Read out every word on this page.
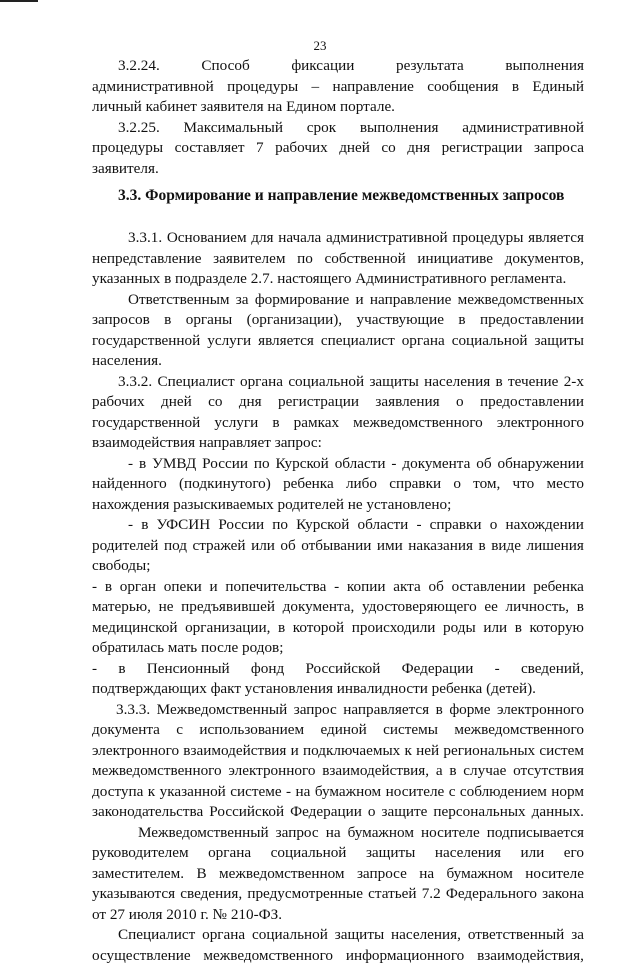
23
3.2.24.	Способ	фиксации	результата	выполнения
административной процедуры – направление сообщения в Единый
личный кабинет заявителя на Едином портале.
3.2.25. Максимальный срок выполнения административной
процедуры составляет 7 рабочих дней со дня регистрации запроса
заявителя.
3.3. Формирование и направление межведомственных запросов
3.3.1. Основанием для начала административной процедуры является
непредставление заявителем по собственной инициативе документов,
указанных в подразделе 2.7. настоящего Административного регламента.
Ответственным за формирование и направление межведомственных
запросов в органы (организации), участвующие в предоставлении
государственной услуги является специалист органа социальной защиты
населения.
3.3.2. Специалист органа социальной защиты населения в течение 2-х
рабочих дней со дня регистрации заявления о предоставлении
государственной услуги в рамках межведомственного электронного
взаимодействия направляет запрос:
- в УМВД России по Курской области - документа об обнаружении
найденного (подкинутого) ребенка либо справки о том, что место
нахождения разыскиваемых родителей не установлено;
- в УФСИН России по Курской области - справки о нахождении
родителей под стражей или об отбывании ими наказания в виде лишения
свободы;
- в орган опеки и попечительства - копии акта об оставлении ребенка
матерью, не предъявившей документа, удостоверяющего ее личность, в
медицинской организации, в которой происходили роды или в которую
обратилась мать после родов;
- в Пенсионный фонд Российской Федерации - сведений,
подтверждающих факт установления инвалидности ребенка (детей).
3.3.3. Межведомственный запрос направляется в форме электронного
документа с использованием единой системы межведомственного
электронного взаимодействия и подключаемых к ней региональных систем
межведомственного электронного взаимодействия, а в случае отсутствия
доступа к указанной системе - на бумажном носителе с соблюдением норм
законодательства Российской Федерации о защите персональных данных.
Межведомственный запрос на бумажном носителе подписывается
руководителем органа социальной защиты населения или его
заместителем. В межведомственном запросе на бумажном носителе
указываются сведения, предусмотренные статьей 7.2 Федерального закона
от 27 июля 2010 г. № 210-ФЗ.
Специалист органа социальной защиты населения, ответственный за
осуществление межведомственного информационного взаимодействия,
